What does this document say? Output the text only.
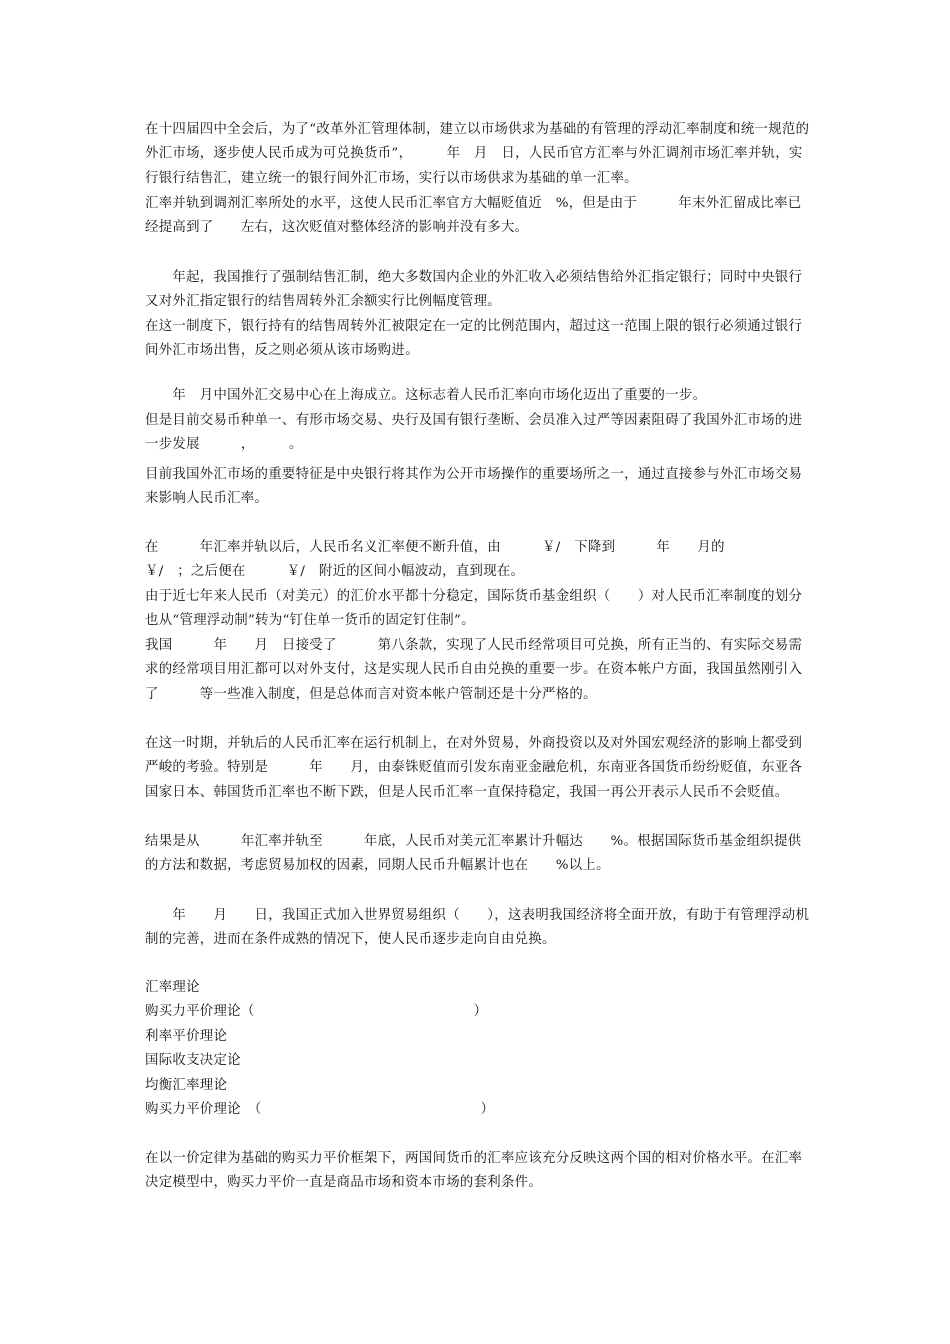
在十四届四中全会后，为了“改革外汇管理体制，建立以市场供求为基础的有管理的浮动汇率制度和统一规范的外汇市场，逐步使人民币成为可兑换货币”，　　　年　月　日，人民币官方汇率与外汇调剂市场汇率并轨，实行银行结售汇，建立统一的银行间外汇市场，实行以市场供求为基础的单一汇率。

汇率并轨到调剂汇率所处的水平，这使人民币汇率官方大幅贬值近　%，但是由于　　　年末外汇留成比率已经提高到了　　左右，这次贬值对整体经济的影响并没有多大。

　　年起，我国推行了强制结售汇制，绝大多数国内企业的外汇收入必须结售给外汇指定银行；同时中央银行又对外汇指定银行的结售周转外汇余额实行比例幅度管理。

在这一制度下，银行持有的结售周转外汇被限定在一定的比例范围内，超过这一范围上限的银行必须通过银行间外汇市场出售，反之则必须从该市场购进。

　　年　月中国外汇交易中心在上海成立。这标志着人民币汇率向市场化迈出了重要的一步。

但是目前交易币种单一、有形市场交易、央行及国有银行垄断、会员准入过严等因素阻碍了我国外汇市场的进一步发展　　　，　　　。

目前我国外汇市场的重要特征是中央银行将其作为公开市场操作的重要场所之一，通过直接参与外汇市场交易来影响人民币汇率。

在　　　年汇率并轨以后，人民币名义汇率便不断升值，由　　　￥/　下降到　　　年　　月的　　　￥/　；之后便在　　　￥/　附近的区间小幅波动，直到现在。

由于近七年来人民币（对美元）的汇价水平都十分稳定，国际货币基金组织（　　）对人民币汇率制度的划分也从“管理浮动制”转为“钉住单一货币的固定钉住制”。

我国　　　年　　月　日接受了　　　第八条款，实现了人民币经常项目可兑换，所有正当的、有实际交易需求的经常项目用汇都可以对外支付，这是实现人民币自由兑换的重要一步。在资本帐户方面，我国虽然刚引入了　　　等一些准入制度，但是总体而言对资本帐户管制还是十分严格的。

在这一时期，并轨后的人民币汇率在运行机制上，在对外贸易，外商投资以及对外国宏观经济的影响上都受到严峻的考验。特别是　　　年　　月，由泰铢贬值而引发东南亚金融危机，东南亚各国货币纷纷贬值，东亚各国家日本、韩国货币汇率也不断下跌，但是人民币汇率一直保持稳定，我国一再公开表示人民币不会贬值。

结果是从　　　年汇率并轨至　　　年底，人民币对美元汇率累计升幅达　　%。根据国际货币基金组织提供的方法和数据，考虑贸易加权的因素，同期人民币升幅累计也在　　%以上。

　　年　　月　　日，我国正式加入世界贸易组织（　　），这表明我国经济将全面开放，有助于有管理浮动机制的完善，进而在条件成熟的情况下，使人民币逐步走向自由兑换。

汇率理论
购买力平价理论（　　　　　　　　　　　　　　　　）
利率平价理论
国际收支决定论
均衡汇率理论
购买力平价理论　（　　　　　　　　　　　　　　　　）

在以一价定律为基础的购买力平价框架下，两国间货币的汇率应该充分反映这两个国的相对价格水平。在汇率决定模型中，购买力平价一直是商品市场和资本市场的套利条件。
